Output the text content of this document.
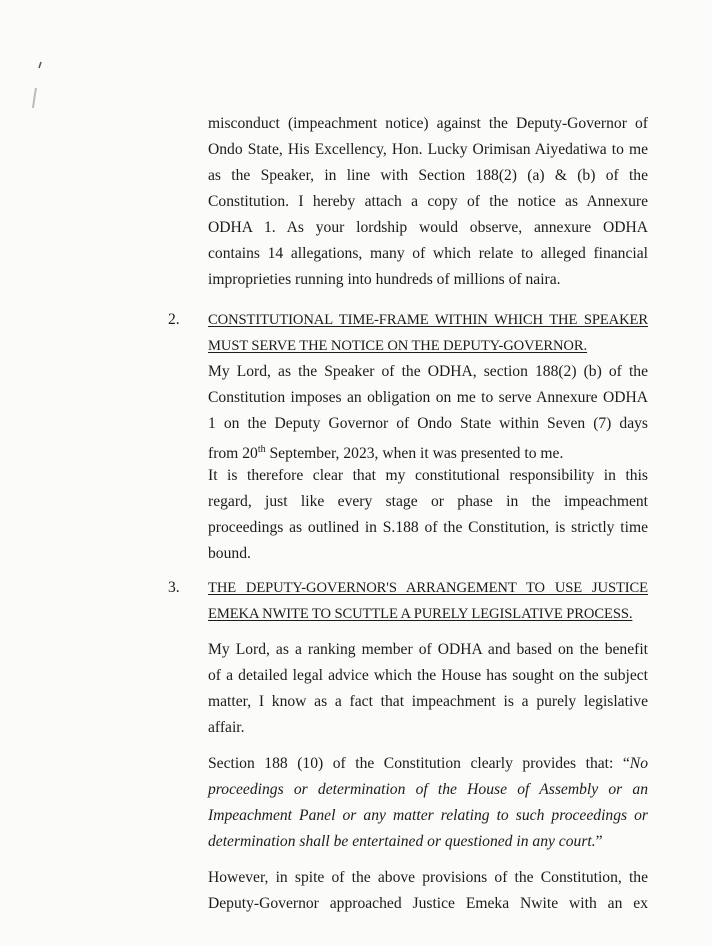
misconduct (impeachment notice) against the Deputy-Governor of
Ondo State, His Excellency, Hon. Lucky Orimisan Aiyedatiwa to me
as the Speaker, in line with Section 188(2) (a) & (b) of the
Constitution. I hereby attach a copy of the notice as Annexure
ODHA 1. As your lordship would observe, annexure ODHA
contains 14 allegations, many of which relate to alleged financial
improprieties running into hundreds of millions of naira.
2. CONSTITUTIONAL TIME-FRAME WITHIN WHICH THE SPEAKER
MUST SERVE THE NOTICE ON THE DEPUTY-GOVERNOR.
My Lord, as the Speaker of the ODHA, section 188(2) (b) of the
Constitution imposes an obligation on me to serve Annexure ODHA
1 on the Deputy Governor of Ondo State within Seven (7) days
from 20th September, 2023, when it was presented to me.
It is therefore clear that my constitutional responsibility in this
regard, just like every stage or phase in the impeachment
proceedings as outlined in S.188 of the Constitution, is strictly time
bound.
3. THE DEPUTY-GOVERNOR'S ARRANGEMENT TO USE JUSTICE
EMEKA NWITE TO SCUTTLE A PURELY LEGISLATIVE PROCESS.
My Lord, as a ranking member of ODHA and based on the benefit
of a detailed legal advice which the House has sought on the subject
matter, I know as a fact that impeachment is a purely legislative
affair.
Section 188 (10) of the Constitution clearly provides that: “No
proceedings or determination of the House of Assembly or an
Impeachment Panel or any matter relating to such proceedings or
determination shall be entertained or questioned in any court.”
However, in spite of the above provisions of the Constitution, the
Deputy-Governor approached Justice Emeka Nwite with an ex
